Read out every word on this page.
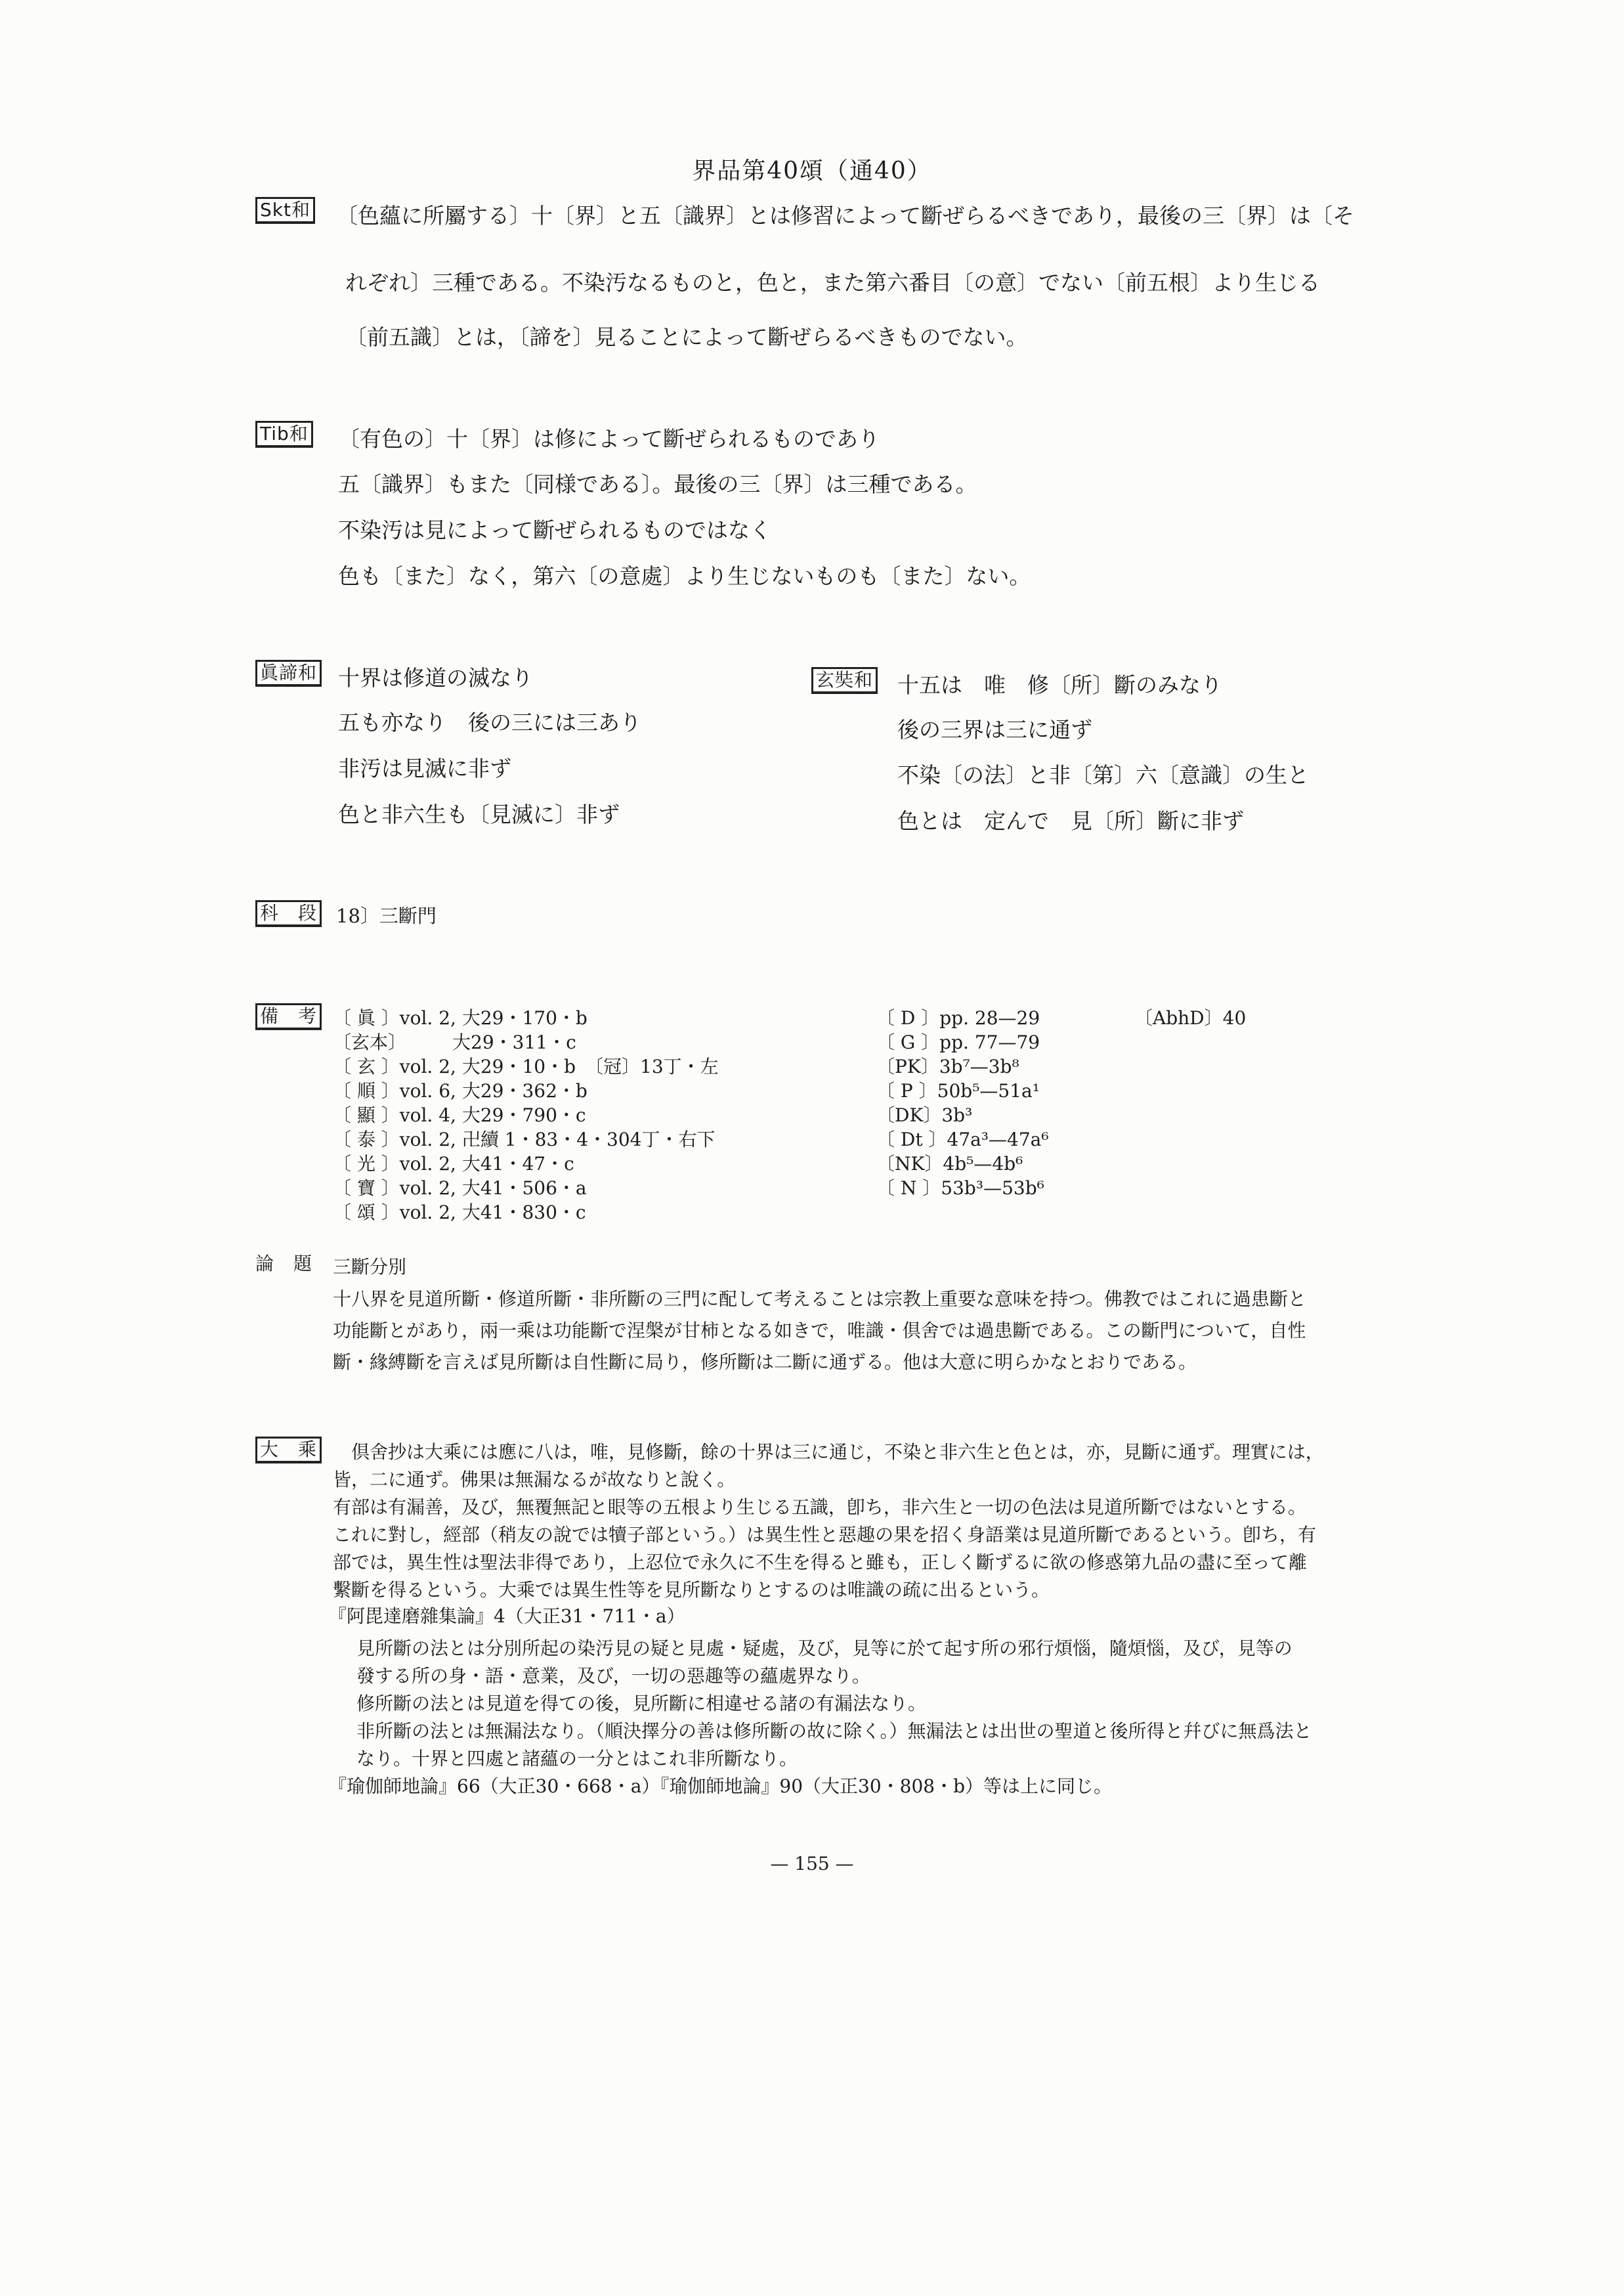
界品第40頌（通40）
Skt和 〔色蘊に所屬する〕十〔界〕と五〔識界〕とは修習によって斷ぜらるべきであり，最後の三〔界〕は〔そ
れぞれ〕三種である。不染汚なるものと，色と，また第六番目〔の意〕でない〔前五根〕より生じる
〔前五識〕とは，〔諦を〕見ることによって斷ぜらるべきものでない。
Tib和 〔有色の〕十〔界〕は修によって斷ぜられるものであり
五〔識界〕もまた〔同様である〕。最後の三〔界〕は三種である。
不染汚は見によって斷ぜられるものではなく
色も〔また〕なく，第六〔の意處〕より生じないものも〔また〕ない。
眞諦和 十界は修道の滅なり
五も亦なり　後の三には三あり
非汚は見滅に非ず
色と非六生も〔見滅に〕非ず
玄奘和 十五は　唯　修〔所〕斷のみなり
後の三界は三に通ず
不染〔の法〕と非〔第〕六〔意識〕の生と
色とは　定んで　見〔所〕斷に非ず
科　段 18〕三斷門
備　考 〔 眞 〕vol. 2, 大29・170・b
〔玄本〕　　　大29・311・c
〔 玄 〕vol. 2, 大29・10・b　〔冠〕13丁・左
〔 順 〕vol. 6, 大29・362・b
〔 顯 〕vol. 4, 大29・790・c
〔 泰 〕vol. 2, 卍續 1・83・4・304丁・右下
〔 光 〕vol. 2, 大41・47・c
〔 寶 〕vol. 2, 大41・506・a
〔 頌 〕vol. 2, 大41・830・c
〔 D 〕pp. 28—29
〔 G 〕pp. 77—79
〔PK〕3b⁷—3b⁸
〔 P 〕50b⁵—51a¹
〔DK〕3b³
〔 Dt 〕47a³—47a⁶
〔NK〕4b⁵—4b⁶
〔 N 〕53b³—53b⁶
〔AbhD〕40
論　題 三斷分別
十八界を見道所斷・修道所斷・非所斷の三門に配して考えることは宗教上重要な意味を持つ。佛教ではこれに過患斷と
功能斷とがあり，兩一乘は功能斷で涅槃が甘柿となる如きで，唯識・倶舍では過患斷である。この斷門について，自性
斷・緣縛斷を言えば見所斷は自性斷に局り，修所斷は二斷に通ずる。他は大意に明らかなとおりである。
大　乘 倶舍抄は大乘には應に八は，唯，見修斷，餘の十界は三に通じ，不染と非六生と色とは，亦，見斷に通ず。理實には，
皆，二に通ず。佛果は無漏なるが故なりと說く。
有部は有漏善，及び，無覆無記と眼等の五根より生じる五識，卽ち，非六生と一切の色法は見道所斷ではないとする。
これに對し，經部（稍友の說では犢子部という。）は異生性と惡趣の果を招く身語業は見道所斷であるという。卽ち，有
部では，異生性は聖法非得であり，上忍位で永久に不生を得ると雖も，正しく斷ずるに欲の修惑第九品の盡に至って離
繫斷を得るという。大乘では異生性等を見所斷なりとするのは唯識の疏に出るという。
『阿毘達磨雜集論』4（大正31・711・a）
見所斷の法とは分別所起の染汚見の疑と見處・疑處，及び，見等に於て起す所の邪行煩惱，隨煩惱，及び，見等の
發する所の身・語・意業，及び，一切の惡趣等の蘊處界なり。
修所斷の法とは見道を得ての後，見所斷に相違せる諸の有漏法なり。
非所斷の法とは無漏法なり。（順決擇分の善は修所斷の故に除く。）無漏法とは出世の聖道と後所得と幷びに無爲法と
なり。十界と四處と諸蘊の一分とはこれ非所斷なり。
『瑜伽師地論』66（大正30・668・a）『瑜伽師地論』90（大正30・808・b）等は上に同じ。
— 155 —
